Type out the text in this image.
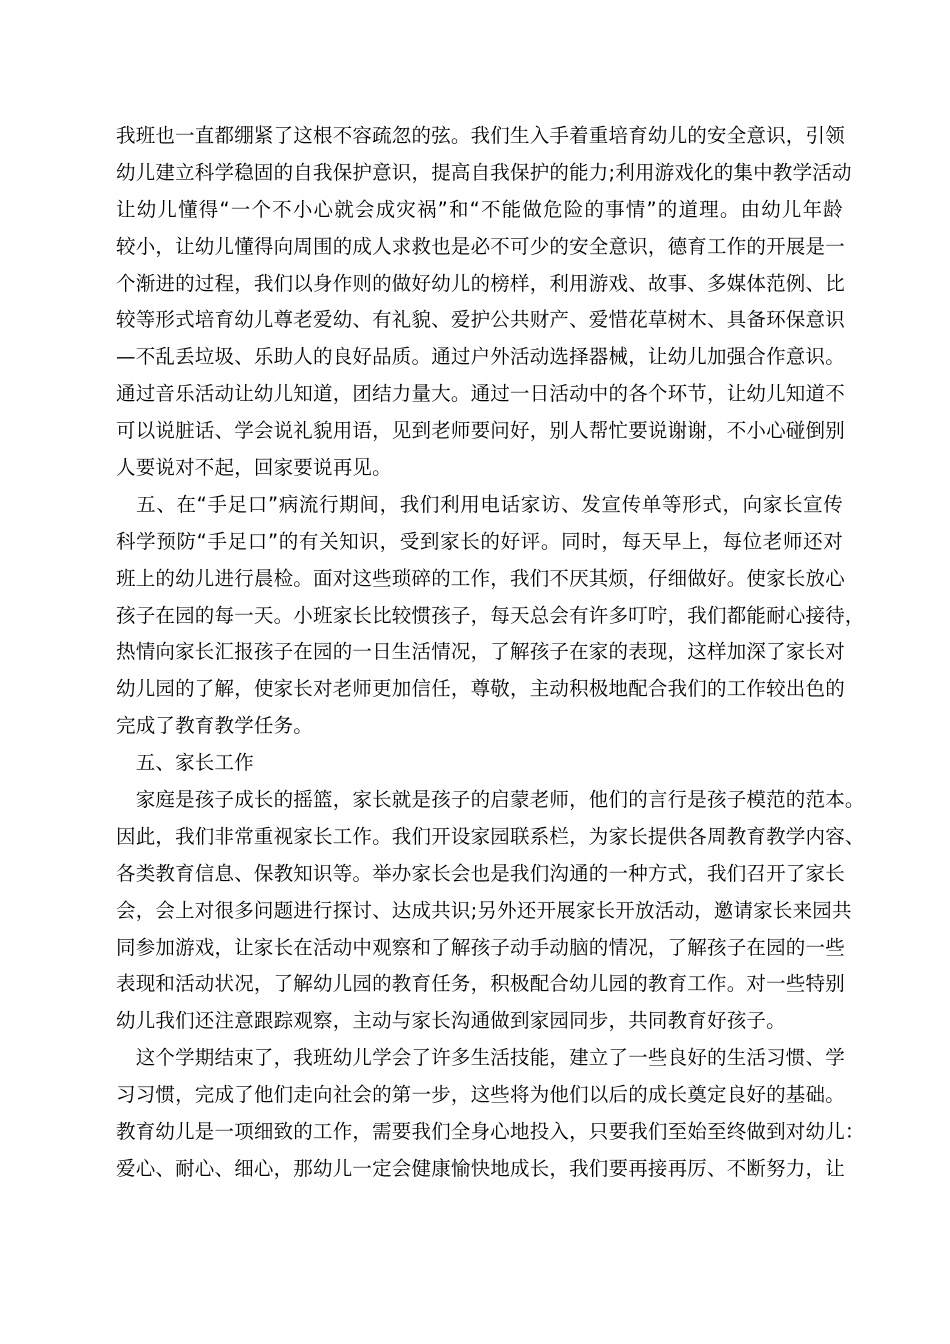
我班也一直都绷紧了这根不容疏忽的弦。我们生入手着重培育幼儿的安全意识，引领
幼儿建立科学稳固的自我保护意识，提高自我保护的能力;利用游戏化的集中教学活动
让幼儿懂得“一个不小心就会成灾祸”和“不能做危险的事情”的道理。由幼儿年龄
较小，让幼儿懂得向周围的成人求救也是必不可少的安全意识，德育工作的开展是一
个渐进的过程，我们以身作则的做好幼儿的榜样，利用游戏、故事、多媒体范例、比
较等形式培育幼儿尊老爱幼、有礼貌、爱护公共财产、爱惜花草树木、具备环保意识
—不乱丢垃圾、乐助人的良好品质。通过户外活动选择器械，让幼儿加强合作意识。
通过音乐活动让幼儿知道，团结力量大。通过一日活动中的各个环节，让幼儿知道不
可以说脏话、学会说礼貌用语，见到老师要问好，别人帮忙要说谢谢，不小心碰倒别
人要说对不起，回家要说再见。
　五、在“手足口”病流行期间，我们利用电话家访、发宣传单等形式，向家长宣传
科学预防“手足口”的有关知识，受到家长的好评。同时，每天早上，每位老师还对
班上的幼儿进行晨检。面对这些琐碎的工作，我们不厌其烦，仔细做好。使家长放心
孩子在园的每一天。小班家长比较惯孩子，每天总会有许多叮咛，我们都能耐心接待，
热情向家长汇报孩子在园的一日生活情况，了解孩子在家的表现，这样加深了家长对
幼儿园的了解，使家长对老师更加信任，尊敬，主动积极地配合我们的工作较出色的
完成了教育教学任务。
　五、家长工作
　家庭是孩子成长的摇篮，家长就是孩子的启蒙老师，他们的言行是孩子模范的范本。
因此，我们非常重视家长工作。我们开设家园联系栏，为家长提供各周教育教学内容、
各类教育信息、保教知识等。举办家长会也是我们沟通的一种方式，我们召开了家长
会，会上对很多问题进行探讨、达成共识;另外还开展家长开放活动，邀请家长来园共
同参加游戏，让家长在活动中观察和了解孩子动手动脑的情况，了解孩子在园的一些
表现和活动状况，了解幼儿园的教育任务，积极配合幼儿园的教育工作。对一些特别
幼儿我们还注意跟踪观察，主动与家长沟通做到家园同步，共同教育好孩子。
　这个学期结束了，我班幼儿学会了许多生活技能，建立了一些良好的生活习惯、学
习习惯，完成了他们走向社会的第一步，这些将为他们以后的成长奠定良好的基础。
教育幼儿是一项细致的工作，需要我们全身心地投入，只要我们至始至终做到对幼儿：
爱心、耐心、细心，那幼儿一定会健康愉快地成长，我们要再接再厉、不断努力，让
